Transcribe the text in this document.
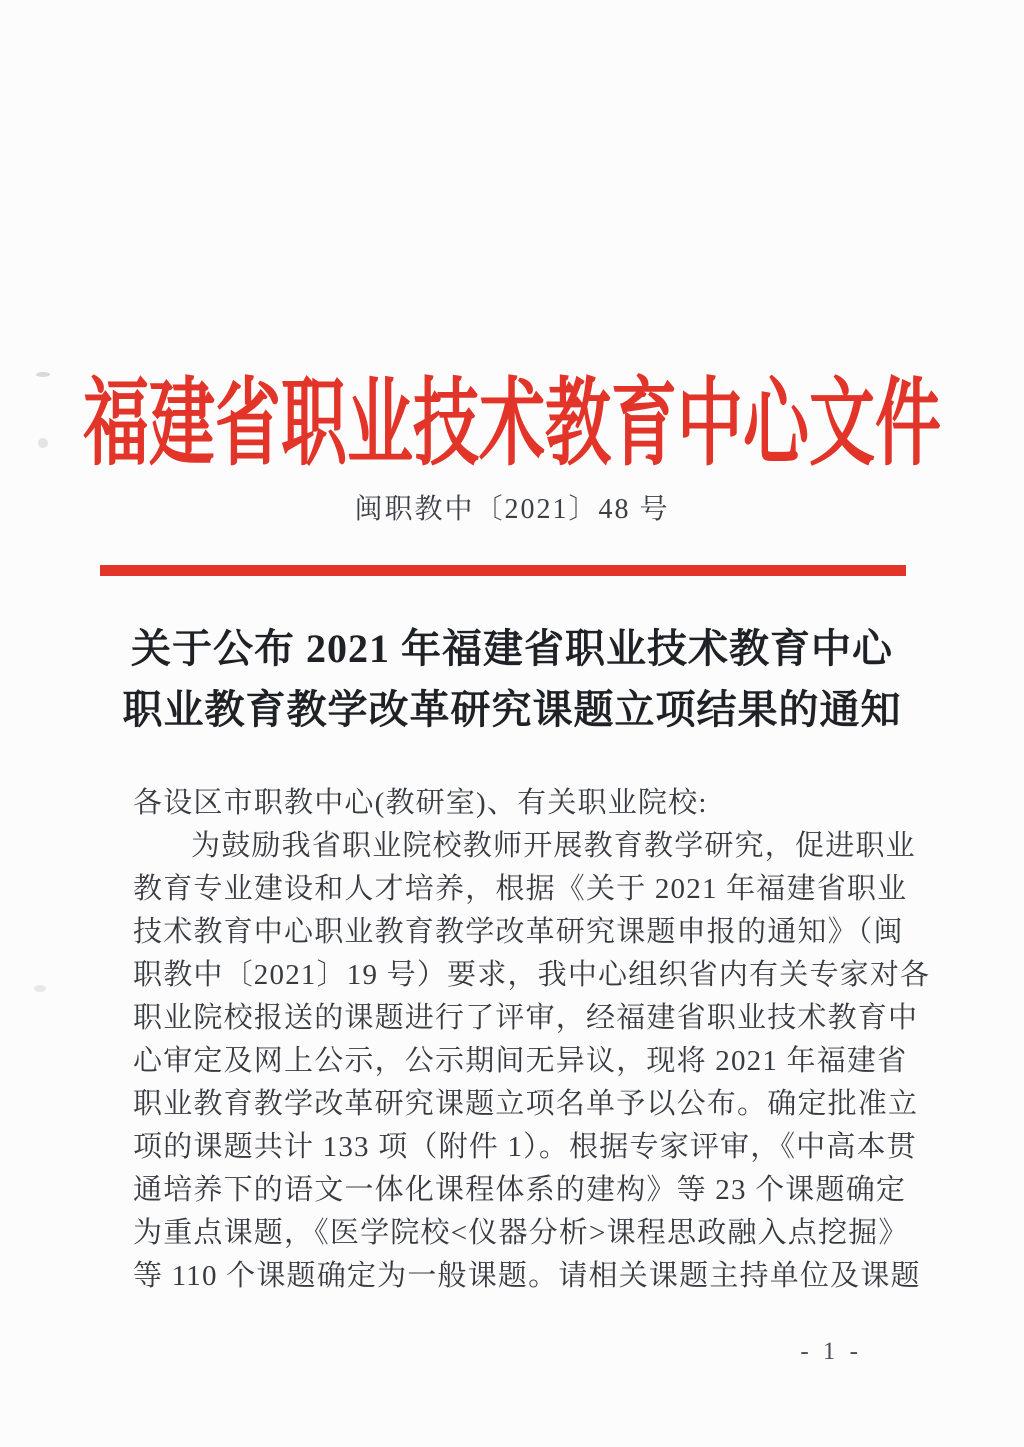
福建省职业技术教育中心文件
闽职教中〔2021〕48 号
关于公布 2021 年福建省职业技术教育中心
职业教育教学改革研究课题立项结果的通知
各设区市职教中心(教研室)、有关职业院校:
为鼓励我省职业院校教师开展教育教学研究，促进职业
教育专业建设和人才培养，根据《关于 2021 年福建省职业
技术教育中心职业教育教学改革研究课题申报的通知》（闽
职教中〔2021〕19 号）要求，我中心组织省内有关专家对各
职业院校报送的课题进行了评审，经福建省职业技术教育中
心审定及网上公示，公示期间无异议，现将 2021 年福建省
职业教育教学改革研究课题立项名单予以公布。确定批准立
项的课题共计 133 项（附件 1）。根据专家评审，《中高本贯
通培养下的语文一体化课程体系的建构》等 23 个课题确定
为重点课题，《医学院校<仪器分析>课程思政融入点挖掘》
等 110 个课题确定为一般课题。请相关课题主持单位及课题
- 1 -
